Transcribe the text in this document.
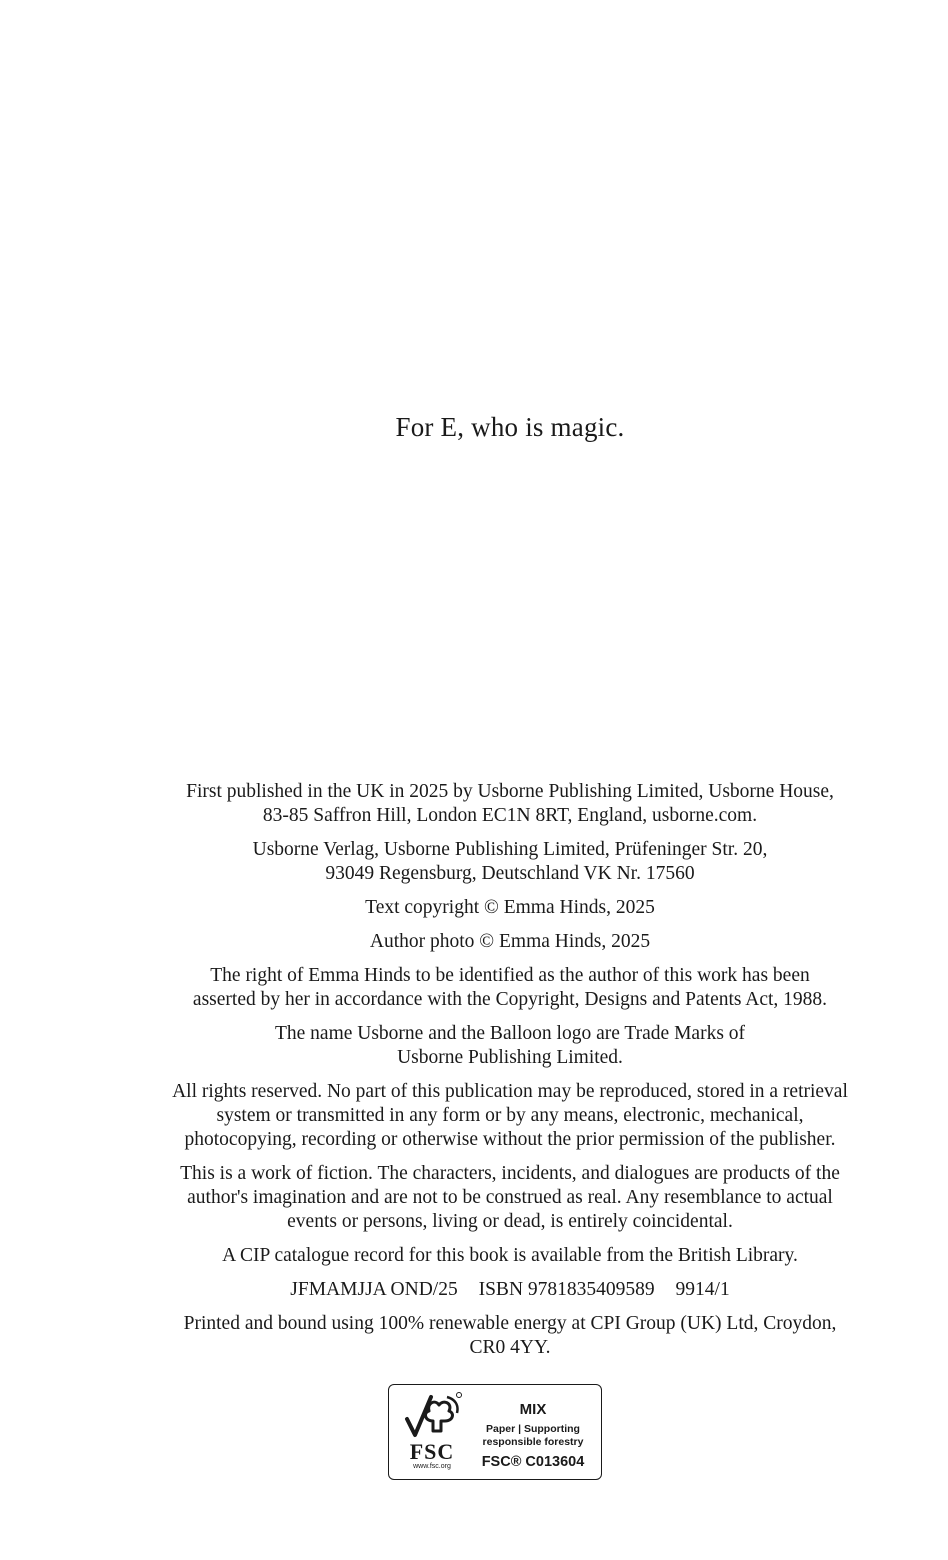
For E, who is magic.

First published in the UK in 2025 by Usborne Publishing Limited, Usborne House,
83-85 Saffron Hill, London EC1N 8RT, England, usborne.com.

Usborne Verlag, Usborne Publishing Limited, Prüfeninger Str. 20,
93049 Regensburg, Deutschland VK Nr. 17560

Text copyright © Emma Hinds, 2025

Author photo © Emma Hinds, 2025

The right of Emma Hinds to be identified as the author of this work has been
asserted by her in accordance with the Copyright, Designs and Patents Act, 1988.

The name Usborne and the Balloon logo are Trade Marks of
Usborne Publishing Limited.

All rights reserved. No part of this publication may be reproduced, stored in a retrieval
system or transmitted in any form or by any means, electronic, mechanical,
photocopying, recording or otherwise without the prior permission of the publisher.

This is a work of fiction. The characters, incidents, and dialogues are products of the
author's imagination and are not to be construed as real. Any resemblance to actual
events or persons, living or dead, is entirely coincidental.

A CIP catalogue record for this book is available from the British Library.

JFMAMJJA OND/25 ISBN 9781835409589 9914/1

Printed and bound using 100% renewable energy at CPI Group (UK) Ltd, Croydon,
CR0 4YY.

FSC
www.fsc.org
MIX
Paper | Supporting
responsible forestry
FSC® C013604
